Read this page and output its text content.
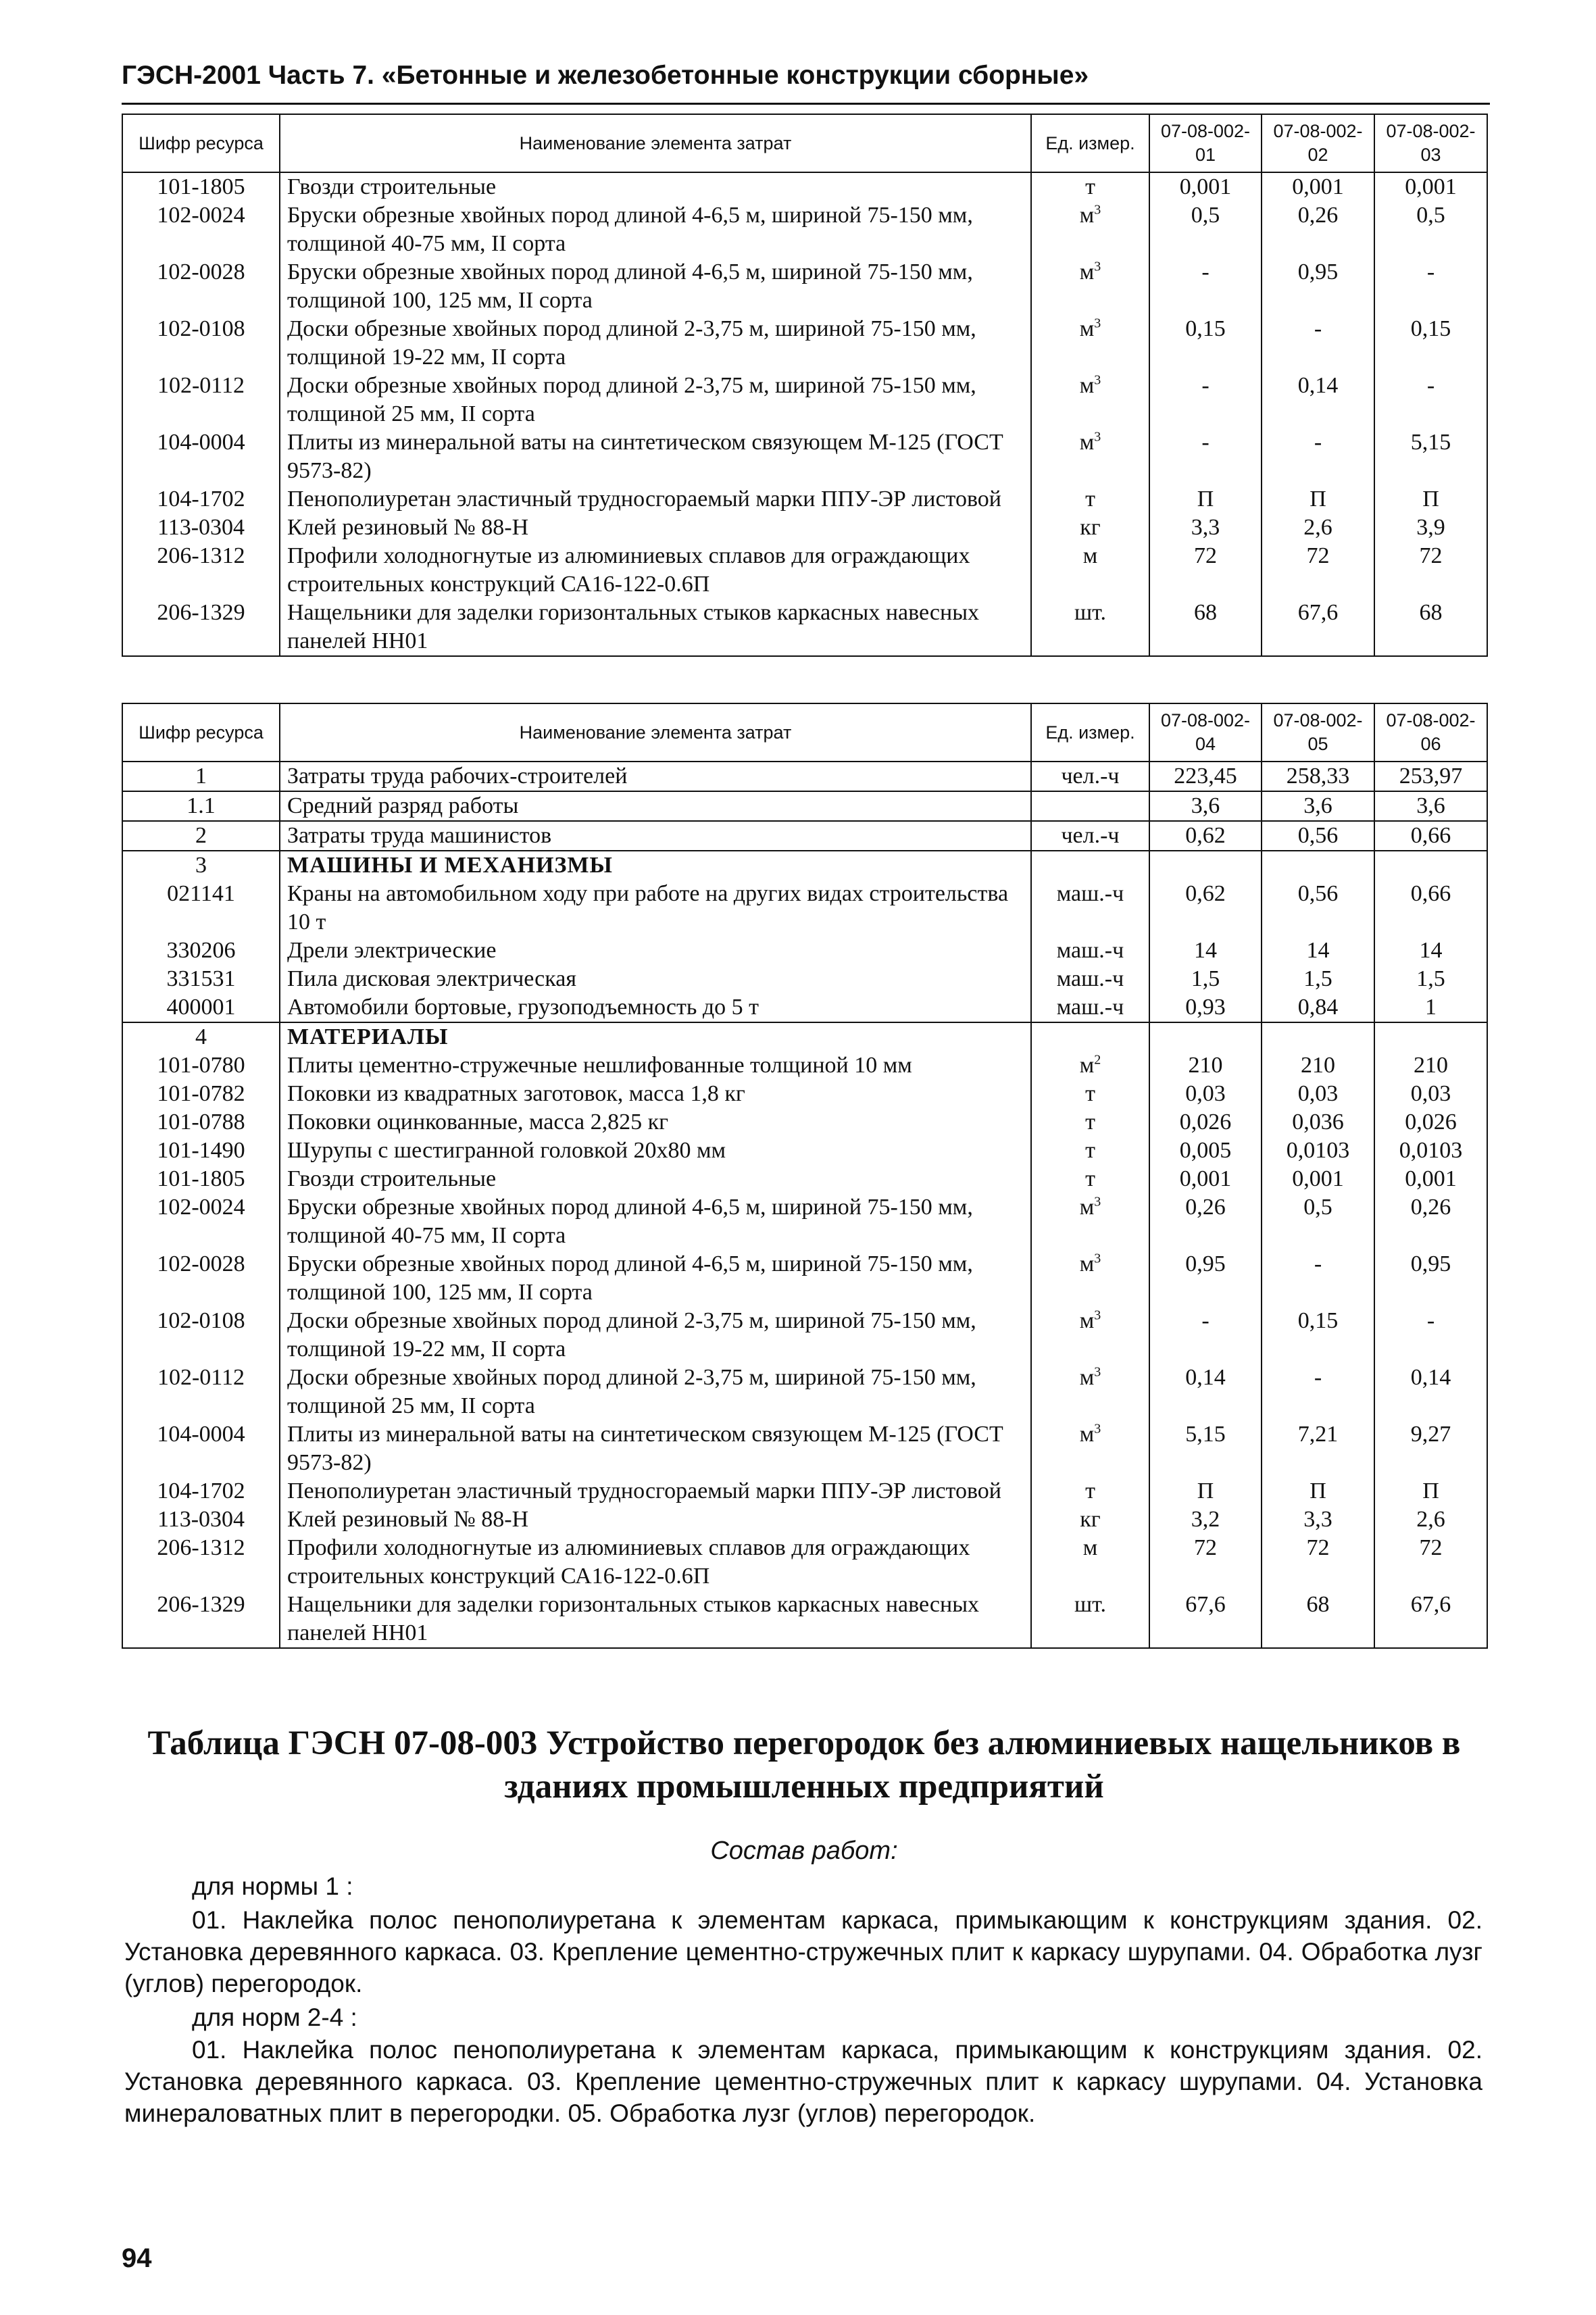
ГЭСН-2001 Часть 7. «Бетонные и железобетонные конструкции сборные»
Шифр ресурса	Наименование элемента затрат	Ед. измер.	07-08-002-01	07-08-002-02	07-08-002-03
101-1805	Гвозди строительные	т	0,001	0,001	0,001
102-0024	Бруски обрезные хвойных пород длиной 4-6,5 м, шириной 75-150 мм, толщиной 40-75 мм, II сорта	$м^3$	0,5	0,26	0,5
102-0028	Бруски обрезные хвойных пород длиной 4-6,5 м, шириной 75-150 мм, толщиной 100, 125 мм, II сорта	$м^3$	-	0,95	-
102-0108	Доски обрезные хвойных пород длиной 2-3,75 м, шириной 75-150 мм, толщиной 19-22 мм, II сорта	$м^3$	0,15	-	0,15
102-0112	Доски обрезные хвойных пород длиной 2-3,75 м, шириной 75-150 мм, толщиной 25 мм, II сорта	$м^3$	-	0,14	-
104-0004	Плиты из минеральной ваты на синтетическом связующем М-125 (ГОСТ 9573-82)	$м^3$	-	-	5,15
104-1702	Пенополиуретан эластичный трудносгораемый марки ППУ-ЭР листовой	т	П	П	П
113-0304	Клей резиновый № 88-Н	кг	3,3	2,6	3,9
206-1312	Профили холодногнутые из алюминиевых сплавов для ограждающих строительных конструкций СА16-122-0.6П	м	72	72	72
206-1329	Нащельники для заделки горизонтальных стыков каркасных навесных панелей НН01	шт.	68	67,6	68
Шифр ресурса	Наименование элемента затрат	Ед. измер.	07-08-002-04	07-08-002-05	07-08-002-06
1	Затраты труда рабочих-строителей	чел.-ч	223,45	258,33	253,97
1.1	Средний разряд работы		3,6	3,6	3,6
2	Затраты труда машинистов	чел.-ч	0,62	0,56	0,66
3	МАШИНЫ И МЕХАНИЗМЫ				
021141	Краны на автомобильном ходу при работе на других видах строительства 10 т	маш.-ч	0,62	0,56	0,66
330206	Дрели электрические	маш.-ч	14	14	14
331531	Пила дисковая электрическая	маш.-ч	1,5	1,5	1,5
400001	Автомобили бортовые, грузоподъемность до 5 т	маш.-ч	0,93	0,84	1
4	МАТЕРИАЛЫ				
101-0780	Плиты цементно-стружечные нешлифованные толщиной 10 мм	$м^2$	210	210	210
101-0782	Поковки из квадратных заготовок, масса 1,8 кг	т	0,03	0,03	0,03
101-0788	Поковки оцинкованные, масса 2,825 кг	т	0,026	0,036	0,026
101-1490	Шурупы с шестигранной головкой 20х80 мм	т	0,005	0,0103	0,0103
101-1805	Гвозди строительные	т	0,001	0,001	0,001
102-0024	Бруски обрезные хвойных пород длиной 4-6,5 м, шириной 75-150 мм, толщиной 40-75 мм, II сорта	$м^3$	0,26	0,5	0,26
102-0028	Бруски обрезные хвойных пород длиной 4-6,5 м, шириной 75-150 мм, толщиной 100, 125 мм, II сорта	$м^3$	0,95	-	0,95
102-0108	Доски обрезные хвойных пород длиной 2-3,75 м, шириной 75-150 мм, толщиной 19-22 мм, II сорта	$м^3$	-	0,15	-
102-0112	Доски обрезные хвойных пород длиной 2-3,75 м, шириной 75-150 мм, толщиной 25 мм, II сорта	$м^3$	0,14	-	0,14
104-0004	Плиты из минеральной ваты на синтетическом связующем М-125 (ГОСТ 9573-82)	$м^3$	5,15	7,21	9,27
104-1702	Пенополиуретан эластичный трудносгораемый марки ППУ-ЭР листовой	т	П	П	П
113-0304	Клей резиновый № 88-Н	кг	3,2	3,3	2,6
206-1312	Профили холодногнутые из алюминиевых сплавов для ограждающих строительных конструкций СА16-122-0.6П	м	72	72	72
206-1329	Нащельники для заделки горизонтальных стыков каркасных навесных панелей НН01	шт.	67,6	68	67,6
Таблица ГЭСН 07-08-003 Устройство перегородок без алюминиевых нащельников в зданиях промышленных предприятий
Состав работ:
для нормы 1 :
01. Наклейка полос пенополиуретана к элементам каркаса, примыкающим к конструкциям здания. 02. Установка деревянного каркаса. 03. Крепление цементно-стружечных плит к каркасу шурупами. 04. Обработка лузг (углов) перегородок.
для норм 2-4 :
01. Наклейка полос пенополиуретана к элементам каркаса, примыкающим к конструкциям здания. 02. Установка деревянного каркаса. 03. Крепление цементно-стружечных плит к каркасу шурупами. 04. Установка минераловатных плит в перегородки. 05. Обработка лузг (углов) перегородок.
94
